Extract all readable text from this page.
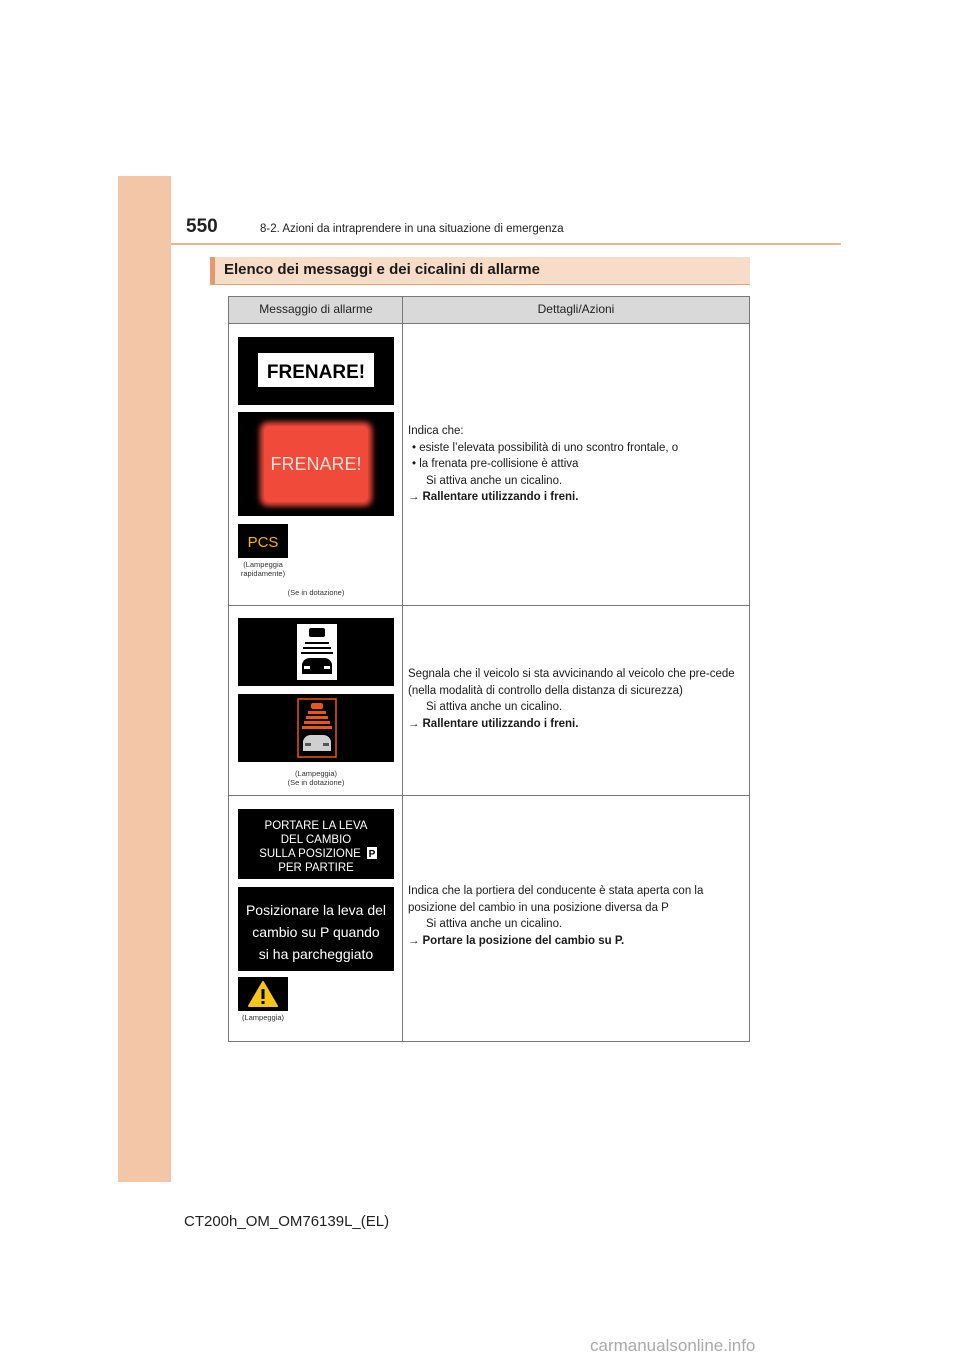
550	8-2. Azioni da intraprendere in una situazione di emergenza
Elenco dei messaggi e dei cicalini di allarme
Messaggio di allarme	Dettagli/Azioni
FRENARE!
FRENARE!
PCS
(Lampeggia rapidamente)
(Se in dotazione)

Indica che:

• esiste l’elevata possibilità di uno scontro frontale, o

• la frenata pre-collisione è attiva

Si attiva anche un cicalino.

→ Rallentare utilizzando i freni.

(Lampeggia)
(Se in dotazione)

Segnala che il veicolo si sta avvicinando al veicolo che pre-cede (nella modalità di controllo della distanza di sicurezza)

Si attiva anche un cicalino.

→ Rallentare utilizzando i freni.

PORTARE LA LEVA
DEL CAMBIO
SULLA POSIZIONE P
PER PARTIRE
Posizionare la leva del
cambio su P quando
si ha parcheggiato
(Lampeggia)

Indica che la portiera del conducente è stata aperta con la posizione del cambio in una posizione diversa da P

Si attiva anche un cicalino.

→ Portare la posizione del cambio su P.

CT200h_OM_OM76139L_(EL)
carmanualsonline.info
